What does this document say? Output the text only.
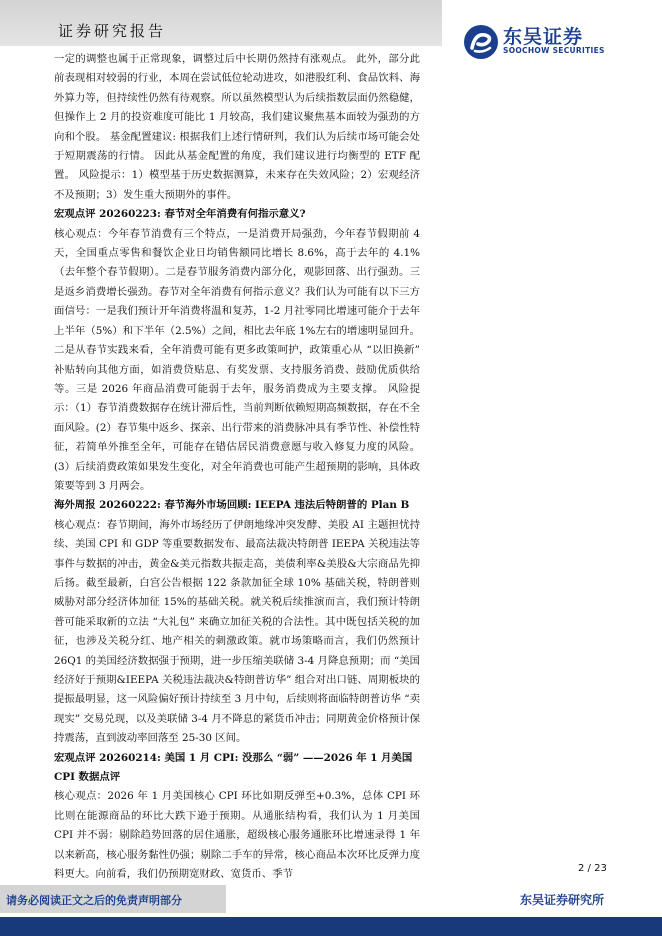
证券研究报告	东吴证券
SOOCHOW SECURITIES

一定的调整也属于正常现象，调整过后中长期仍然持有涨观点。 此外，部分此前表现相对较弱的行业，本周在尝试低位轮动进攻，如港股红利、食品饮料、海外算力等，但持续性仍然有待观察。所以虽然模型认为后续指数层面仍然稳健，但操作上 2 月的投资难度可能比 1 月较高，我们建议聚焦基本面较为强劲的方向和个股。 基金配置建议: 根据我们上述行情研判，我们认为后续市场可能会处于短期震荡的行情。 因此从基金配置的角度，我们建议进行均衡型的 ETF 配置。 风险提示：1）模型基于历史数据测算，未来存在失效风险；2）宏观经济不及预期；3）发生重大预期外的事件。

宏观点评 20260223: 春节对全年消费有何指示意义?

核心观点：今年春节消费有三个特点，一是消费开局强劲，今年春节假期前 4 天，全国重点零售和餐饮企业日均销售额同比增长 8.6%，高于去年的 4.1%（去年整个春节假期）。二是春节服务消费内部分化，观影回落、出行强劲。三是返乡消费增长强劲。春节对全年消费有何指示意义？我们认为可能有以下三方面信号：一是我们预计开年消费将温和复苏，1-2 月社零同比增速可能介于去年上半年（5%）和下半年（2.5%）之间，相比去年底 1%左右的增速明显回升。二是从春节实践来看，全年消费可能有更多政策呵护，政策重心从 “以旧换新” 补贴转向其他方面，如消费贷贴息、有奖发票、支持服务消费、鼓励优质供给等。三是 2026 年商品消费可能弱于去年，服务消费成为主要支撑。 风险提示：（1）春节消费数据存在统计滞后性，当前判断依赖短期高频数据，存在不全面风险。(2）春节集中返乡、探亲、出行带来的消费脉冲具有季节性、补偿性特征，若简单外推至全年，可能存在错估居民消费意愿与收入修复力度的风险。(3）后续消费政策如果发生变化，对全年消费也可能产生超预期的影响，具体政策要等到 3 月两会。

海外周报 20260222: 春节海外市场回顾: IEEPA 违法后特朗普的 Plan B

核心观点：春节期间，海外市场经历了伊朗地缘冲突发酵、美股 AI 主题担忧持续、美国 CPI 和 GDP 等重要数据发布、最高法裁决特朗普 IEEPA 关税违法等事件与数据的冲击，黄金&美元指数共振走高，美债利率&美股&大宗商品先抑后扬。截至最新，白宫公告根据 122 条款加征全球 10% 基础关税，特朗普则威胁对部分经济体加征 15%的基础关税。就关税后续推演而言，我们预计特朗普可能采取新的立法 “大礼包” 来确立加征关税的合法性。其中既包括关税的加征，也涉及关税分红、地产相关的刺激政策。就市场策略而言，我们仍然预计 26Q1 的美国经济数据强于预期，进一步压缩美联储 3-4 月降息预期；而 “美国经济好于预期&IEEPA 关税违法裁决&特朗普访华” 组合对出口链、周期板块的提振最明显，这一风险偏好预计持续至 3 月中旬，后续则将面临特朗普访华 “卖现实” 交易兑现，以及美联储 3-4 月不降息的紧货币冲击；同期黄金价格预计保持震荡，直到波动率回落至 25-30 区间。

宏观点评 20260214: 美国 1 月 CPI: 没那么 “弱” ——2026 年 1 月美国 CPI 数据点评

核心观点：2026 年 1 月美国核心 CPI 环比如期反弹至+0.3%，总体 CPI 环比则在能源商品的环比大跌下逊于预期。从通胀结构看，我们认为 1 月美国 CPI 并不弱：剔除趋势回落的居住通胀，超级核心服务通胀环比增速录得 1 年以来新高，核心服务黏性仍强；剔除二手车的异常，核心商品本次环比反弹力度料更大。向前看，我们仍预期宽财政、宽货币、季节	2 / 23
请务必阅读正文之后的免责声明部分	东吴证券研究所
